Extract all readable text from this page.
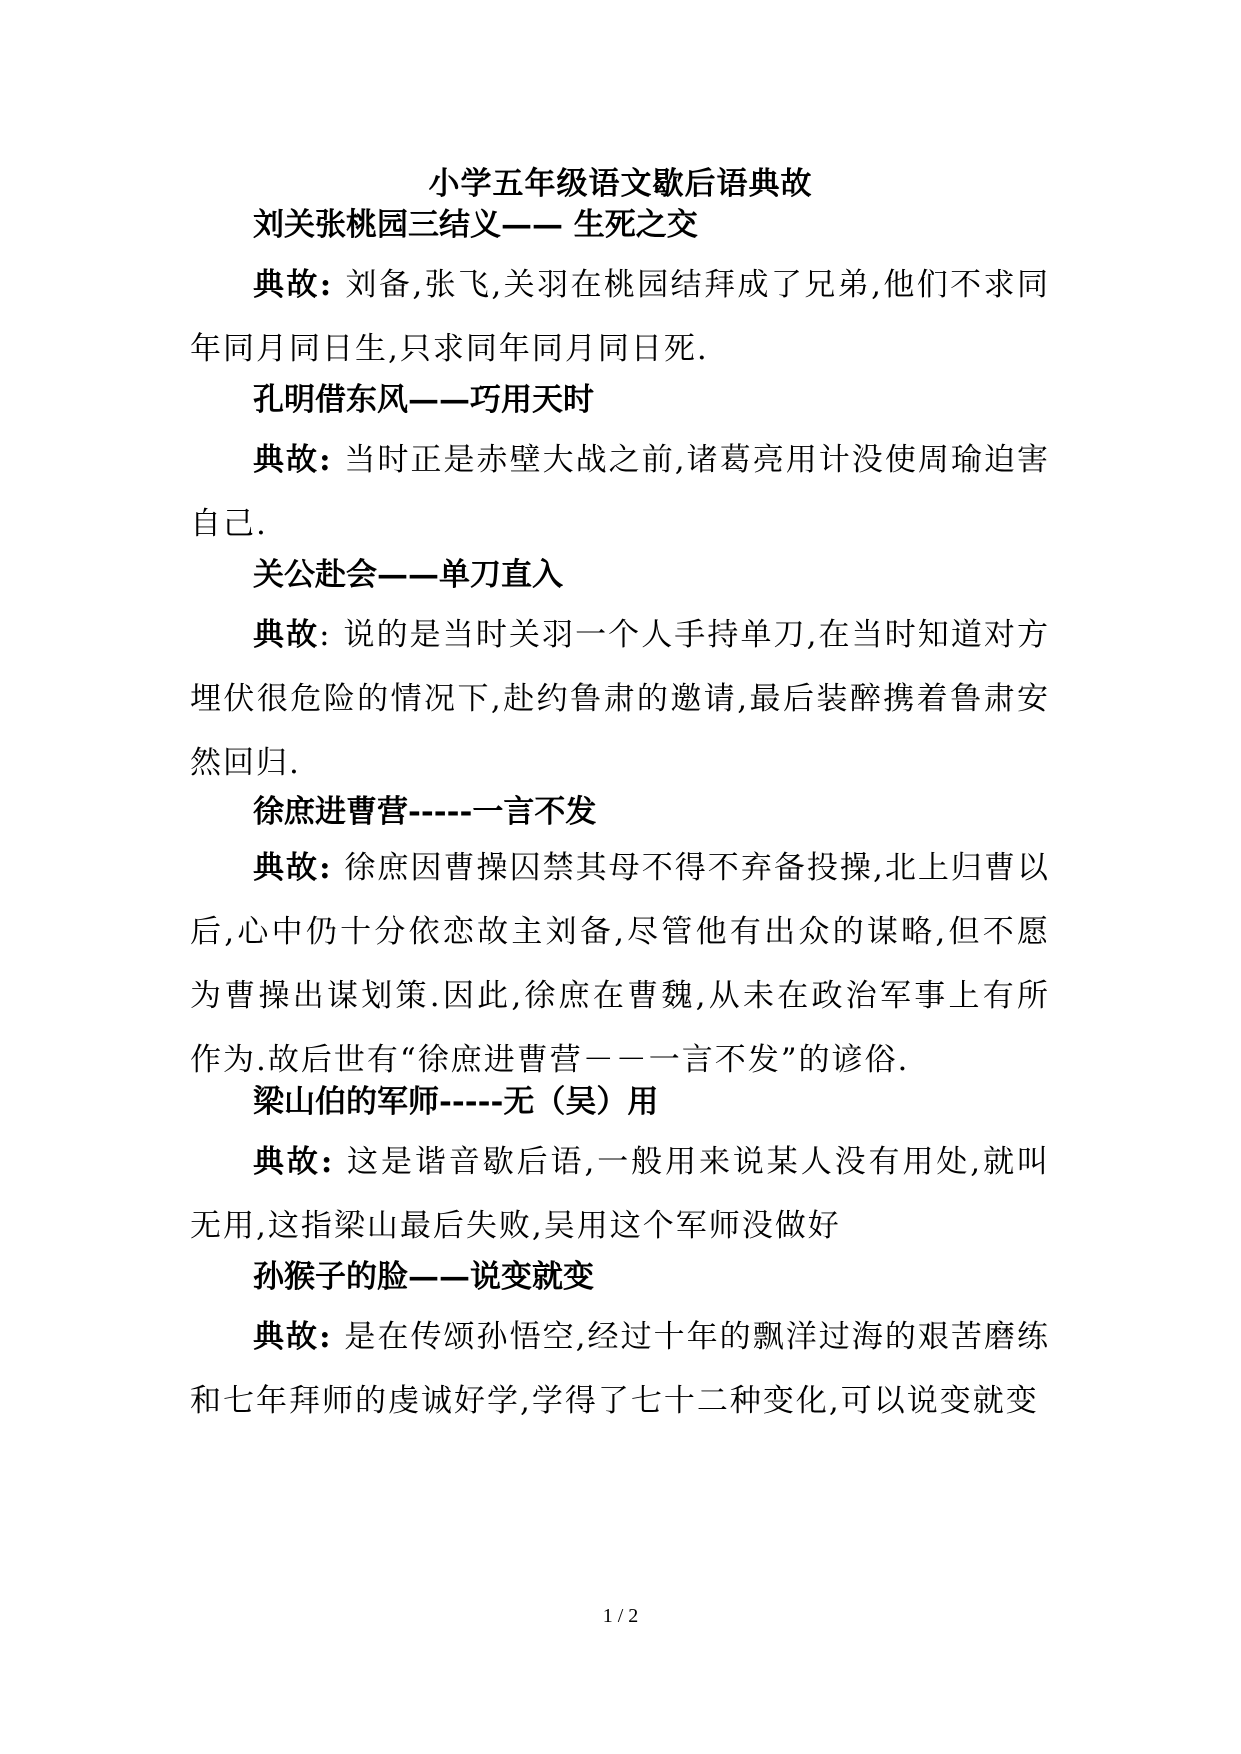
小学五年级语文歇后语典故
刘关张桃园三结义—— 生死之交
典故: 刘备,张飞,关羽在桃园结拜成了兄弟,他们不求同年同月同日生,只求同年同月同日死.
孔明借东风——巧用天时
典故: 当时正是赤壁大战之前,诸葛亮用计没使周瑜迫害自己.
关公赴会——单刀直入
典故: 说的是当时关羽一个人手持单刀,在当时知道对方埋伏很危险的情况下,赴约鲁肃的邀请,最后装醉携着鲁肃安然回归.
徐庶进曹营-----一言不发
典故: 徐庶因曹操囚禁其母不得不弃备投操,北上归曹以后,心中仍十分依恋故主刘备,尽管他有出众的谋略,但不愿为曹操出谋划策.因此,徐庶在曹魏,从未在政治军事上有所作为.故后世有“徐庶进曹营－－一言不发”的谚俗.
梁山伯的军师-----无（吴）用
典故: 这是谐音歇后语,一般用来说某人没有用处,就叫无用,这指梁山最后失败,吴用这个军师没做好
孙猴子的脸——说变就变
典故: 是在传颂孙悟空,经过十年的飘洋过海的艰苦磨练和七年拜师的虔诚好学,学得了七十二种变化,可以说变就变
1 / 2
